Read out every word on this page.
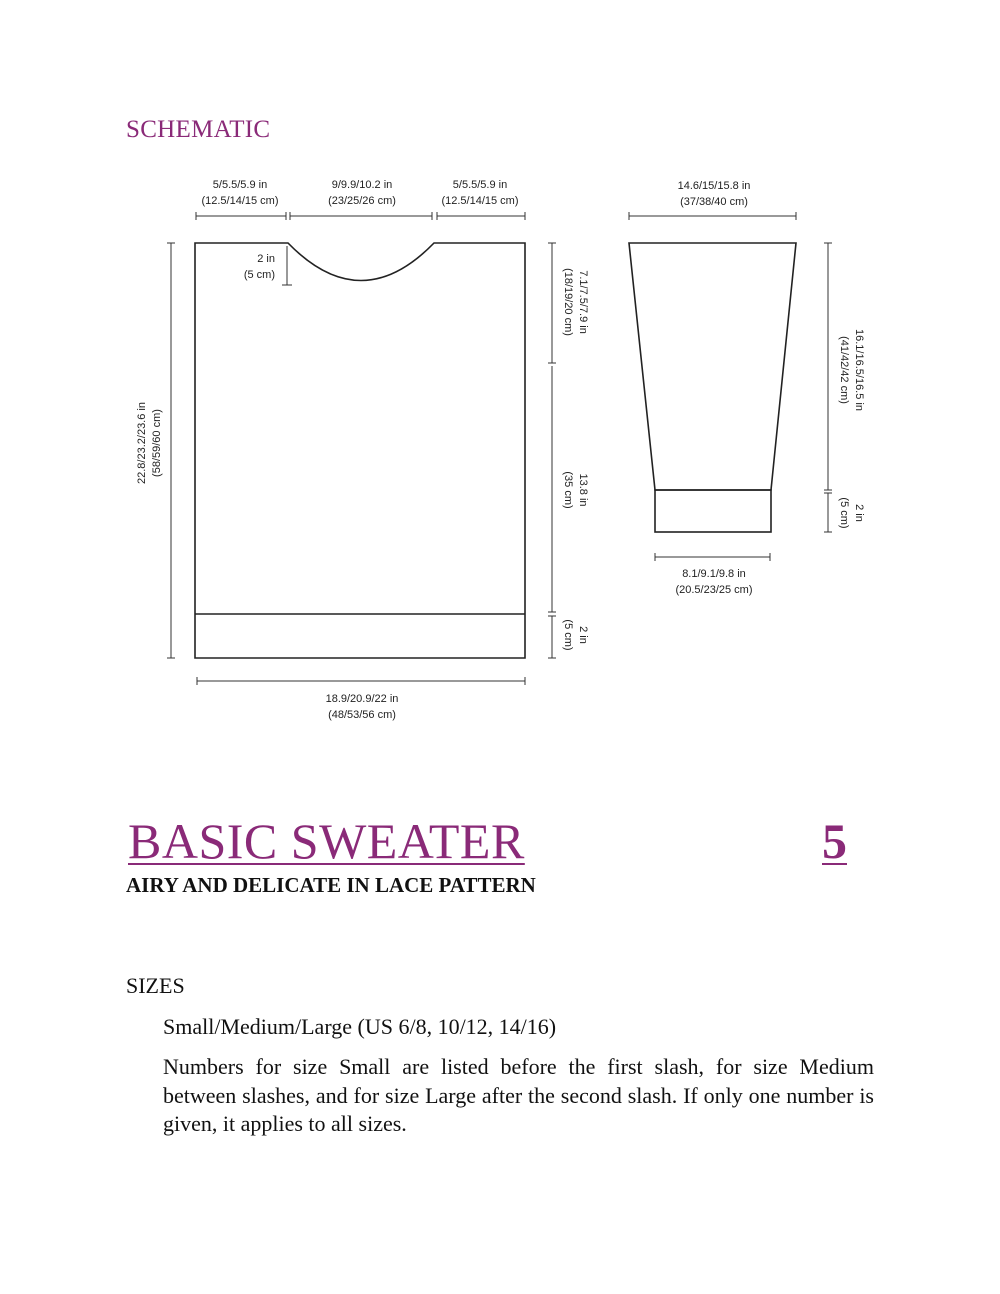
SCHEMATIC
5/5.5/5.9 in
(12.5/14/15 cm)
9/9.9/10.2 in
(23/25/26 cm)
5/5.5/5.9 in
(12.5/14/15 cm)
2 in
(5 cm)
22.8/23.2/23.6 in (58/59/60 cm)
7.1/7.5/7.9 in
(18/19/20 cm)
13.8 in
(35 cm)
2 in
(5 cm)
18.9/20.9/22 in
(48/53/56 cm)
14.6/15/15.8 in
(37/38/40 cm)
16.1/16.5/16.5 in
(41/42/42 cm)
2 in
(5 cm)
8.1/9.1/9.8 in
(20.5/23/25 cm)
BASIC SWEATER	5
AIRY AND DELICATE IN LACE PATTERN
SIZES
Small/Medium/Large (US 6/8, 10/12, 14/16)

Numbers for size Small are listed before the first slash, for size Medium between slashes, and for size Large after the second slash. If only one number is given, it applies to all sizes.
